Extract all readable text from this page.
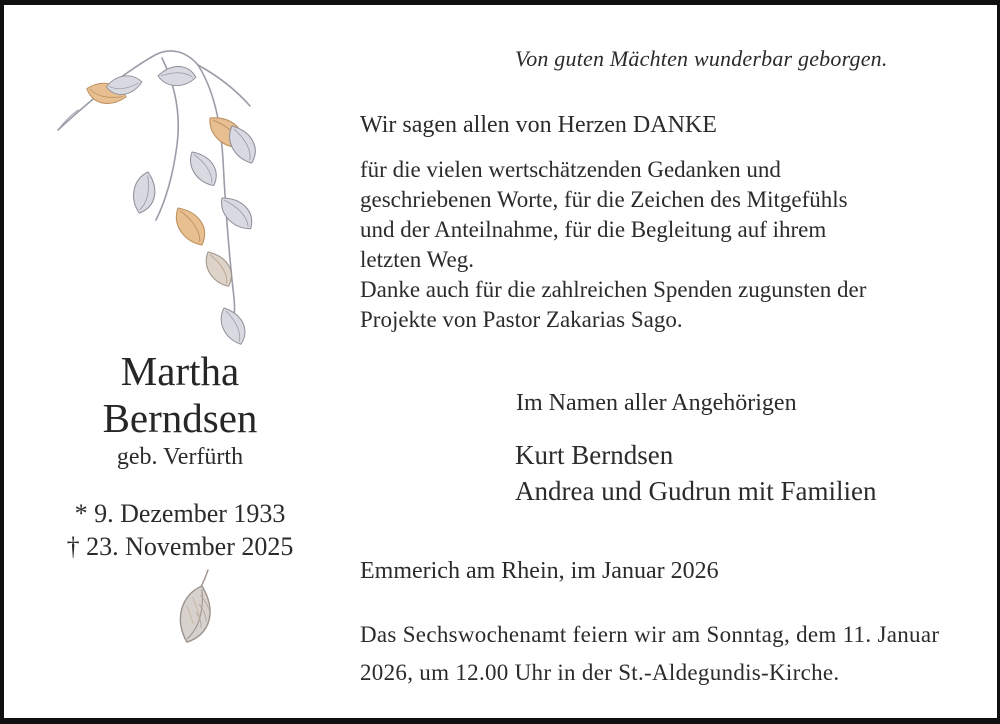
Von guten Mächten wunderbar geborgen.
Wir sagen allen von Herzen DANKE
für die vielen wertschätzenden Gedanken und
geschriebenen Worte, für die Zeichen des Mitgefühls
und der Anteilnahme, für die Begleitung auf ihrem
letzten Weg.
Danke auch für die zahlreichen Spenden zugunsten der
Projekte von Pastor Zakarias Sago.
Im Namen aller Angehörigen
Kurt Berndsen
Andrea und Gudrun mit Familien
Emmerich am Rhein, im Januar 2026
Das Sechswochenamt feiern wir am Sonntag, dem 11. Januar
2026, um 12.00 Uhr in der St.-Aldegundis-Kirche.
Martha
Berndsen
geb. Verfürth
* 9. Dezember 1933
† 23. November 2025
